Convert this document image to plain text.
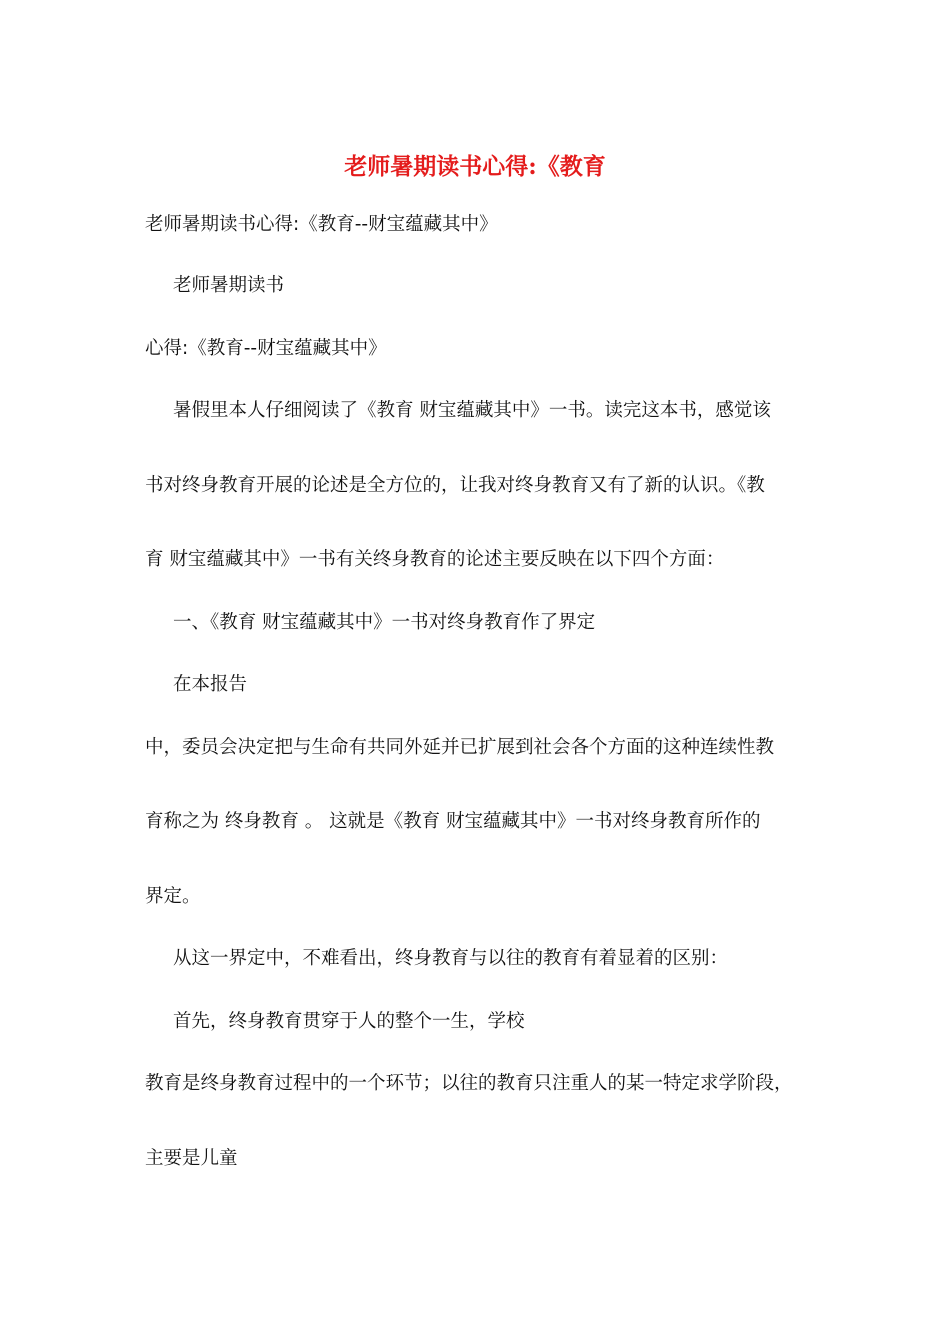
老师暑期读书心得:《教育

老师暑期读书心得:《教育--财宝蕴藏其中》

老师暑期读书

心得:《教育--财宝蕴藏其中》

暑假里本人仔细阅读了《教育 财宝蕴藏其中》一书。读完这本书，感觉该

书对终身教育开展的论述是全方位的，让我对终身教育又有了新的认识。《教

育 财宝蕴藏其中》一书有关终身教育的论述主要反映在以下四个方面：

一、《教育 财宝蕴藏其中》一书对终身教育作了界定

在本报告

中，委员会决定把与生命有共同外延并已扩展到社会各个方面的这种连续性教

育称之为 终身教育 。 这就是《教育 财宝蕴藏其中》一书对终身教育所作的

界定。

从这一界定中，不难看出，终身教育与以往的教育有着显着的区别：

首先，终身教育贯穿于人的整个一生，学校

教育是终身教育过程中的一个环节；以往的教育只注重人的某一特定求学阶段，

主要是儿童
